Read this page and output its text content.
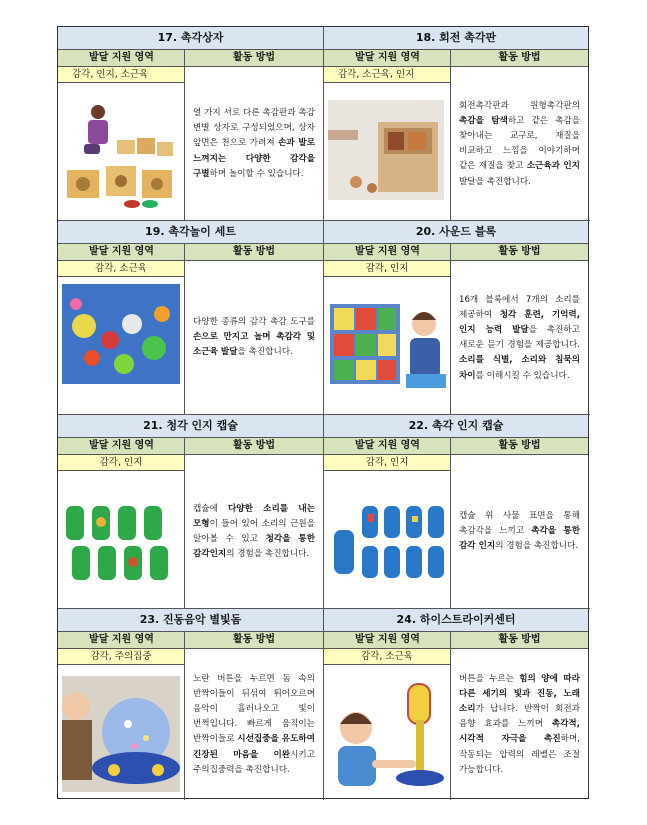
17. 촉각상자
발달 지원 영역	활동 방법
감각, 인지, 소근육
열 가지 서로 다른 촉감판과 촉감 변별 상자로 구성되었으며, 상자 앞면은 천으로 가려져 손과 발로 느껴지는 다양한 감각을 구별하며 놀이할 수 있습니다.
18. 회전 촉각판
발달 지원 영역	활동 방법
감각, 소근육, 인지
회전촉각판과 원형촉각판의 촉감을 탐색하고 같은 촉감을 찾아내는 교구로, 재질을 비교하고 느낌을 이야기하며 같은 재질을 찾고 소근육과 인지 발달을 촉진합니다.
19. 촉각놀이 세트
발달 지원 영역	활동 방법
감각, 소근육
다양한 종류의 감각 촉감 도구를 손으로 만지고 놀며 촉감각 및 소근육 발달을 촉진합니다.
20. 사운드 블록
발달 지원 영역	활동 방법
감각, 인지
16개 블록에서 7개의 소리를 제공하여 청각 훈련, 기억력, 인지 능력 발달을 촉진하고 새로운 듣기 경험을 제공합니다. 소리를 식별, 소리와 침묵의 차이를 이해시킬 수 있습니다.
21. 청각 인지 캡슐
발달 지원 영역	활동 방법
감각, 인지
캡슐에 다양한 소리를 내는 모형이 들어 있어 소리의 근원을 알아볼 수 있고 청각을 통한 감각인지의 경험을 촉진합니다.
22. 촉각 인지 캡슐
발달 지원 영역	활동 방법
감각, 인지
캡슐 위 사물 표면을 통해 촉감각을 느끼고 촉각을 통한 감각 인지의 경험을 촉진합니다.
23. 진동음악 별빛돔
발달 지원 영역	활동 방법
감각, 주의집중
노란 버튼을 누르면 돔 속의 반짝이들이 뒤섞여 튀어오르며 음악이 흘러나오고 빛이 번쩍입니다. 빠르게 움직이는 반짝이들로 시선집중을 유도하여 긴장된 마음을 이완시키고 주의집중력을 촉진합니다.
24. 하이스트라이커센터
발달 지원 영역	활동 방법
감각, 소근육
버튼을 누르는 힘의 양에 따라 다른 세기의 빛과 진동, 노래 소리가 납니다. 반짝이 회전과 음향 효과를 느끼며 촉각적, 시각적 자극을 촉진하며, 작동되는 압력의 레벨은 조절 가능합니다.
